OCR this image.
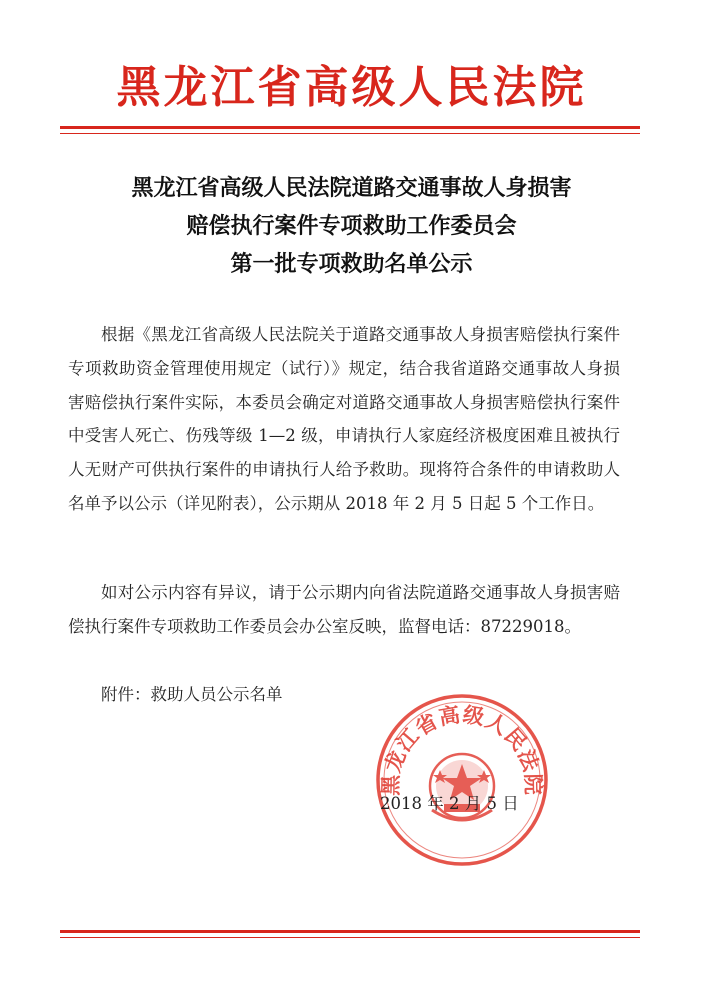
黑龙江省高级人民法院
黑龙江省高级人民法院道路交通事故人身损害
赔偿执行案件专项救助工作委员会
第一批专项救助名单公示
根据《黑龙江省高级人民法院关于道路交通事故人身损害赔偿执行案件专项救助资金管理使用规定（试行）》规定，结合我省道路交通事故人身损害赔偿执行案件实际，本委员会确定对道路交通事故人身损害赔偿执行案件中受害人死亡、伤残等级 1—2 级，申请执行人家庭经济极度困难且被执行人无财产可供执行案件的申请执行人给予救助。现将符合条件的申请救助人名单予以公示（详见附表），公示期从 2018 年 2 月 5 日起 5 个工作日。
如对公示内容有异议，请于公示期内向省法院道路交通事故人身损害赔偿执行案件专项救助工作委员会办公室反映，监督电话：87229018。
附件：救助人员公示名单
黑龙江省高级人民法院
2018 年 2 月 5 日
